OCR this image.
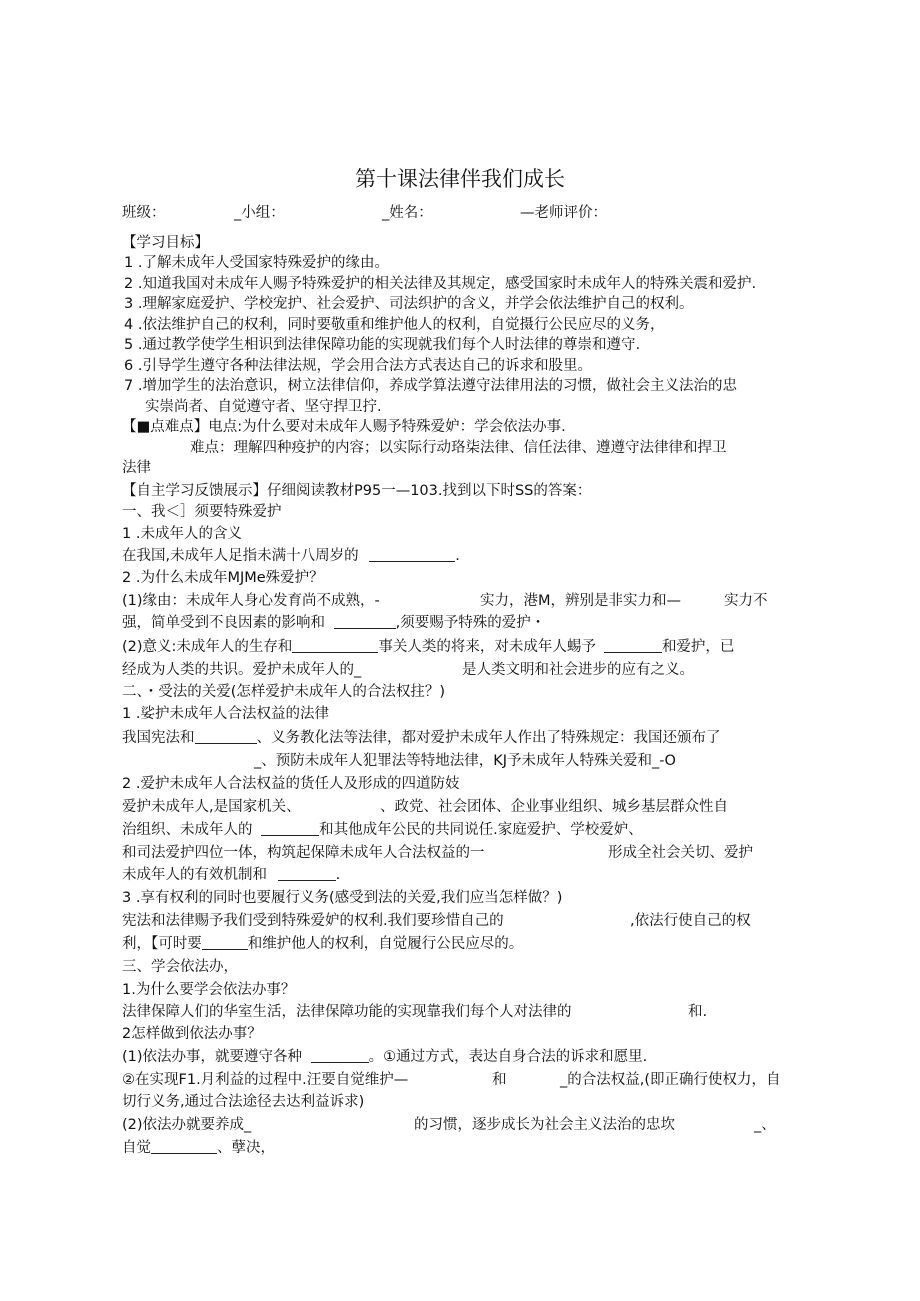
第十课法律伴我们成长
班级：	_小组：	_姓名：	—老师评价：
【学习目标】
1 .了解未成年人受国家特殊爱护的缘由。
2 .知道我国对未成年人赐予特殊爱护的相关法律及其规定，感受国家时未成年人的特殊关震和爱护.
3 .理解家庭爱护、学校宠护、社会爱护、司法织护的含义，并学会依法维护自己的权利。
4 .依法维护自己的权利，同时要敬重和维护他人的权利，自觉摄行公民应尽的义务，
5 .通过教学使学生相识到法律保障功能的实现就我们每个人时法律的尊崇和遵守.
6 .引导学生遵守各种法律法规，学会用合法方式表达自己的诉求和股里。
7 .增加学生的法治意识，树立法律信仰，养成学算法遵守法律用法的习惯，做社会主义法治的忠
实崇尚者、自觉遵守者、坚守捍卫拧.
【■点难点】电点:为什么要对未成年人赐予特殊爱妒：学会依法办事.
难点：理解四种疫护的内容；以实际行动珞柒法律、信任法律、遵遵守法律律和捍卫
法律
【自主学习反馈展示】仔细阅读教材P95一—103.找到以下时SS的答案：
一、我＜］须要特殊爱护
1 .未成年人的含义
在我国,未成年人足指未满十八周岁的	.
2 .为什么未成年MJMe殊爱护？
(1)缘由：未成年人身心发育尚不成熟，-	实力，港M，辨别是非实力和—	实力不
强，简单受到不良因素的影响和	,须要赐予特殊的爱护・
(2)意义:未成年人的生存和	事关人类的将来，对未成年人蜴予	和爱护，已
经成为人类的共识。爱护未成年人的_	是人类文明和社会进步的应有之义。
二、・受法的关爱(怎样爱护未成年人的合法权拄？)
1 .娑护未成年人合法权益的法律
我国宪法和	、义务教化法等法律，都对爱护未成年人作出了特殊规定：我国还颁布了
_、预防未成年人犯罪法等特地法律，KJ予未成年人特殊关爱和_-O
2 .爱护未成年人合法权益的货任人及形成的四道防妓
爱护未成年人,是国家机关、	、政党、社会团体、企业事业组织、城乡基层群众性自
治组织、未成年人的	和其他成年公民的共同说任.家庭爱护、学校爱妒、
和司法爱护四位一体，构筑起保障未成年人合法权益的一	形成全社会关切、爱护
未成年人的有效机制和	.
3 .享有权利的同时也要履行义务(感受到法的关爱,我们应当怎样做？)
宪法和法律赐予我们受到特殊爱妒的权利.我们要珍惜自己的	,依法行使自己的权
利，【可时要	和维护他人的权利，自觉履行公民应尽的。
三、学会依法办，
1.为什么要学会依法办事？
法律保障人们的华室生活，法律保障功能的实现靠我们每个人对法律的	和.
2怎样做到依法办事？
(1)依法办事，就要遵守各种	。①通过方式，表达自身合法的诉求和愿里.
②在实现F1.月利益的过程中.汪要自觉维护—	和	_的合法权益,(即正确行使权力，自
切行义务,通过合法途径去达利益诉求)
(2)依法办就要养成_	的习惯，逐步成长为社会主义法治的忠坎	_、
自觉	、孽决，
